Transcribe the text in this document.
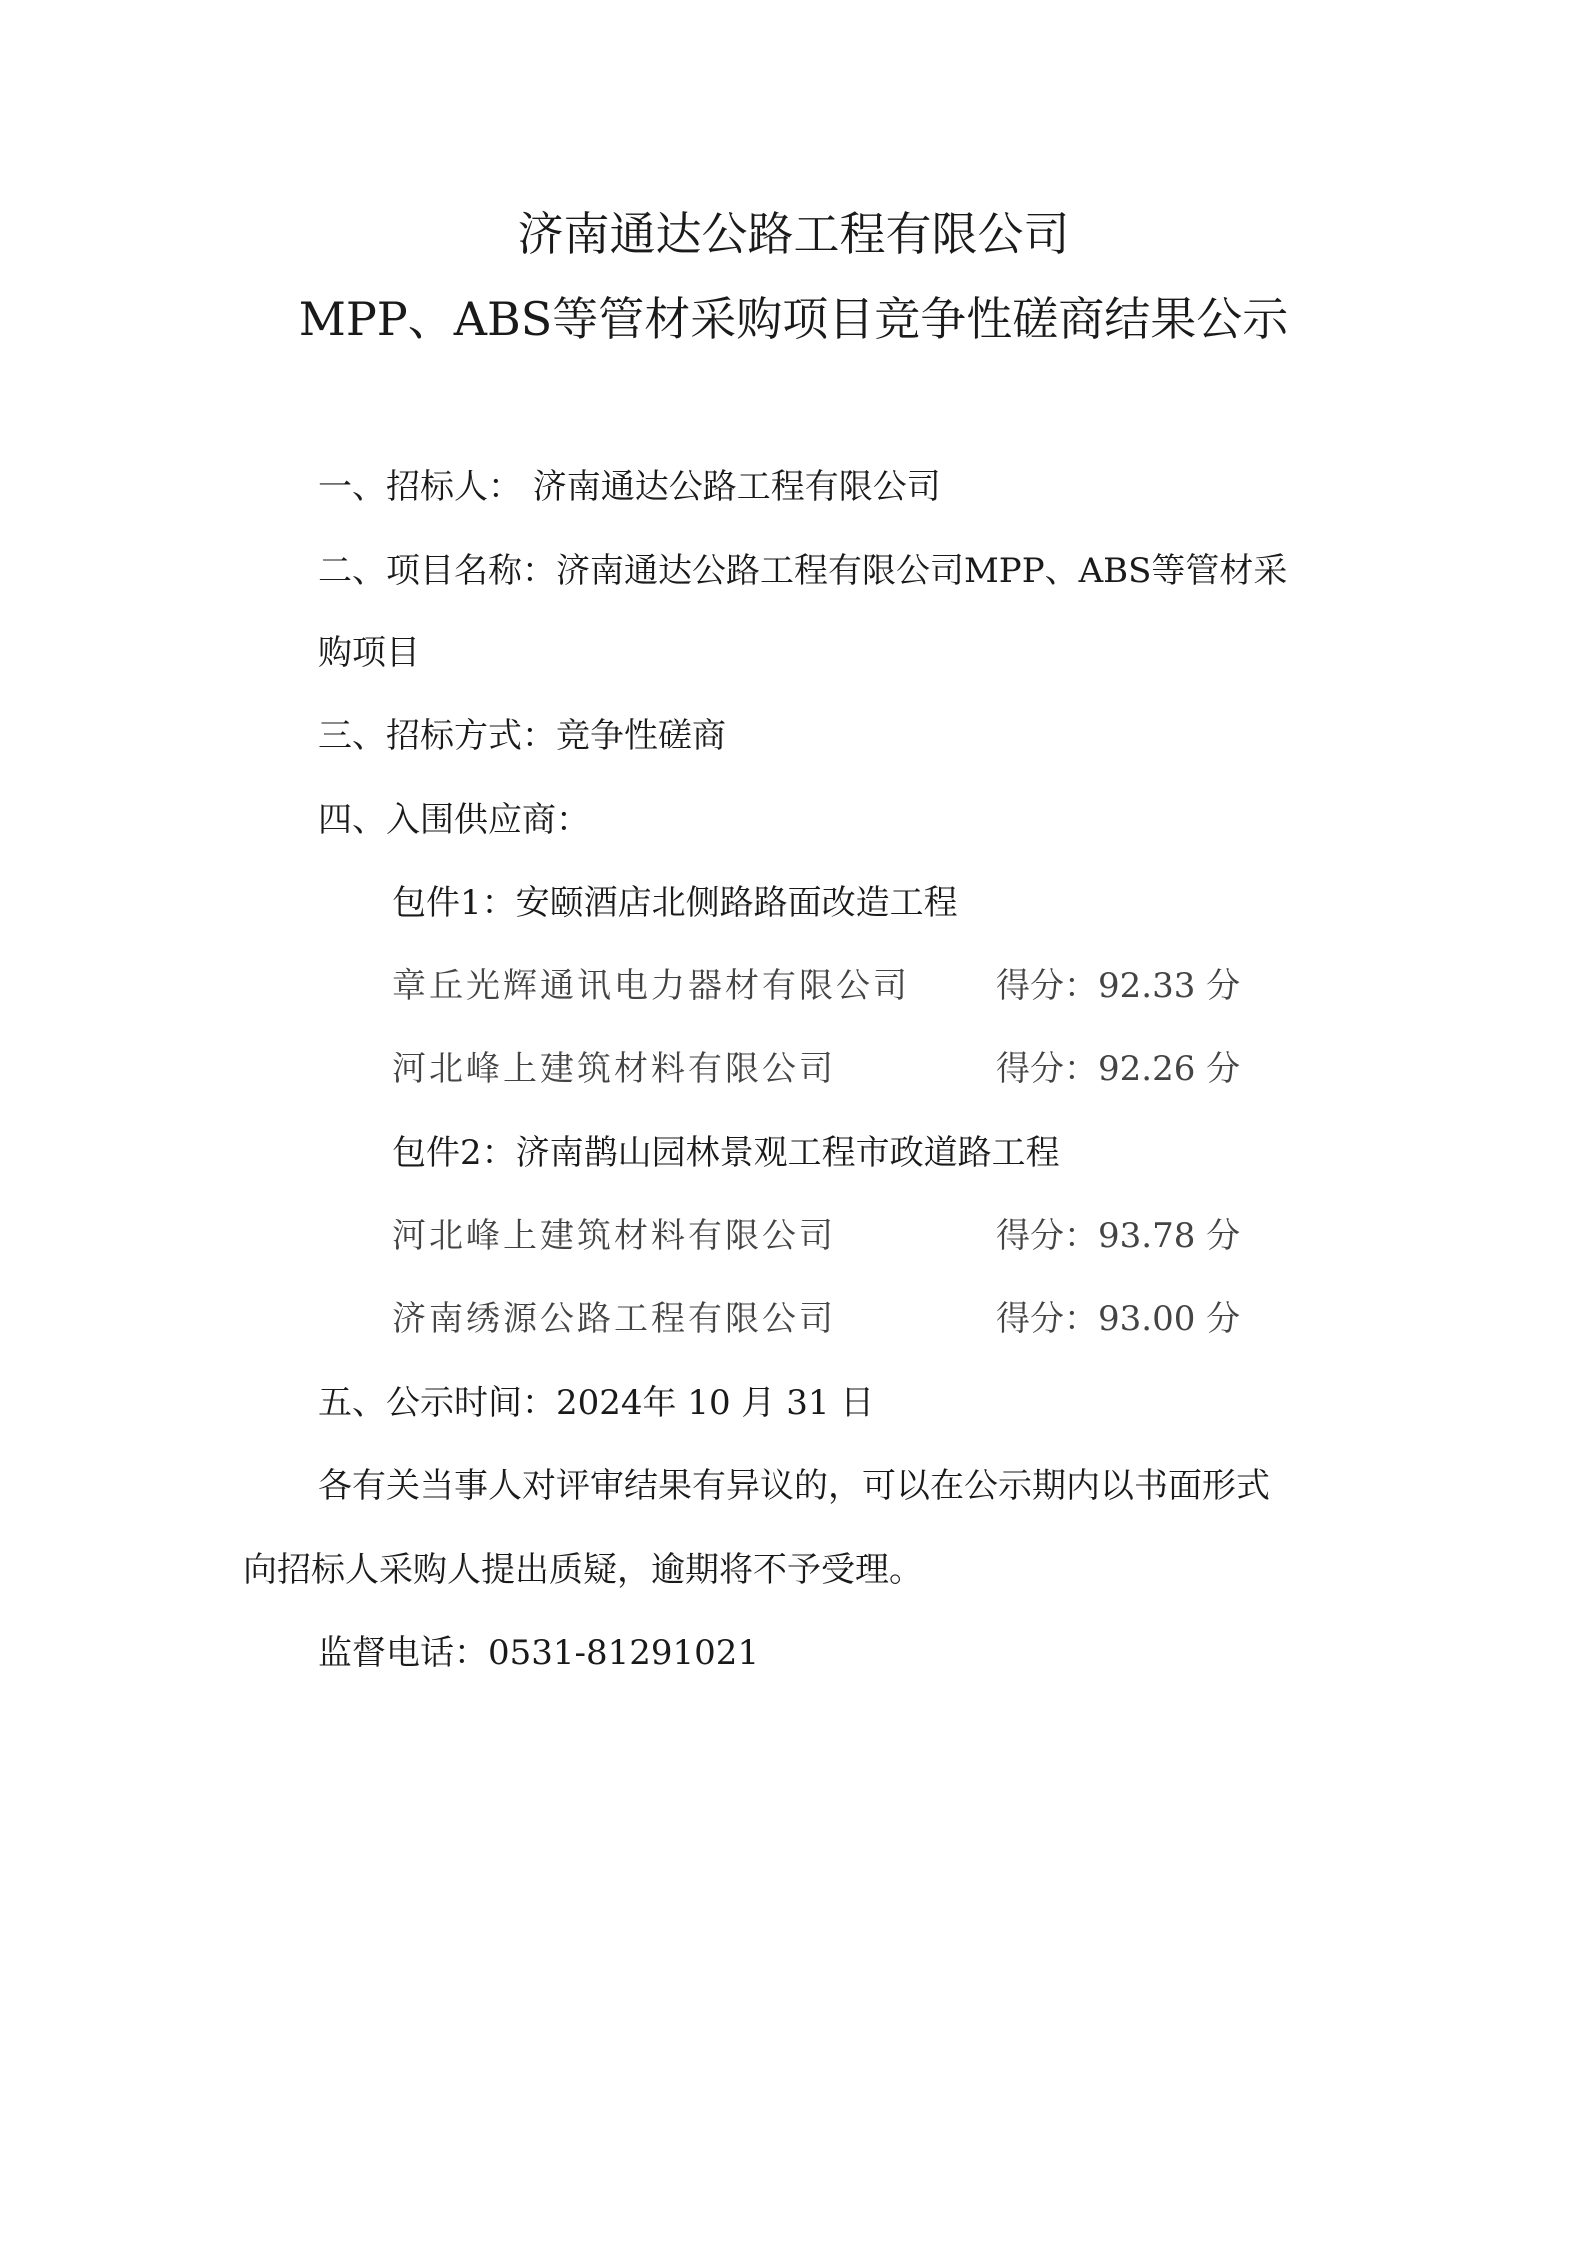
济南通达公路工程有限公司
MPP、ABS等管材采购项目竞争性磋商结果公示
一、招标人： 济南通达公路工程有限公司
二、项目名称：济南通达公路工程有限公司MPP、ABS等管材采
购项目
三、招标方式：竞争性磋商
四、入围供应商：
包件1：安颐酒店北侧路路面改造工程
章丘光辉通讯电力器材有限公司	得分：92.33 分
河北峰上建筑材料有限公司	得分：92.26 分
包件2：济南鹊山园林景观工程市政道路工程
河北峰上建筑材料有限公司	得分：93.78 分
济南绣源公路工程有限公司	得分：93.00 分
五、公示时间：2024年 10 月 31 日
各有关当事人对评审结果有异议的，可以在公示期内以书面形式
向招标人采购人提出质疑，逾期将不予受理。
监督电话：0531-81291021
